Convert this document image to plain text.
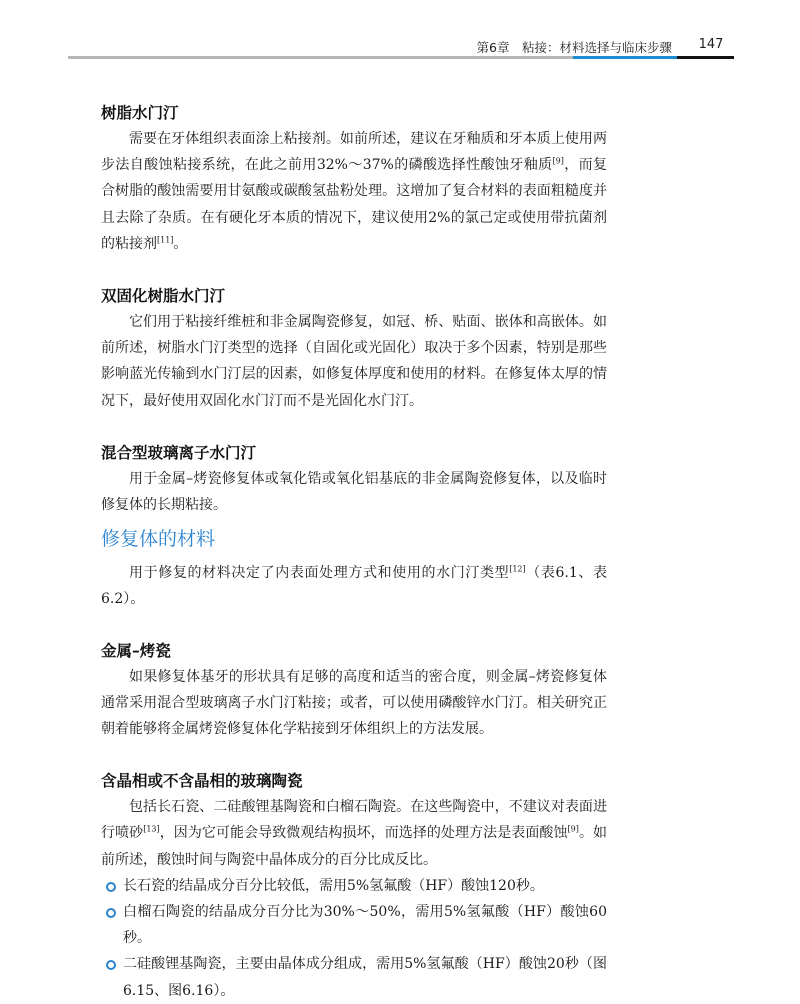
第6章　粘接：材料选择与临床步骤	147
树脂水门汀

需要在牙体组织表面涂上粘接剂。如前所述，建议在牙釉质和牙本质上使用两步法自酸蚀粘接系统，在此之前用32%～37%的磷酸选择性酸蚀牙釉质[9]，而复合树脂的酸蚀需要用甘氨酸或碳酸氢盐粉处理。这增加了复合材料的表面粗糙度并且去除了杂质。在有硬化牙本质的情况下，建议使用2%的氯己定或使用带抗菌剂的粘接剂[11]。

双固化树脂水门汀

它们用于粘接纤维桩和非金属陶瓷修复，如冠、桥、贴面、嵌体和高嵌体。如前所述，树脂水门汀类型的选择（自固化或光固化）取决于多个因素，特别是那些影响蓝光传输到水门汀层的因素，如修复体厚度和使用的材料。在修复体太厚的情况下，最好使用双固化水门汀而不是光固化水门汀。

混合型玻璃离子水门汀

用于金属–烤瓷修复体或氧化锆或氧化铝基底的非金属陶瓷修复体，以及临时修复体的长期粘接。

修复体的材料

用于修复的材料决定了内表面处理方式和使用的水门汀类型[12]（表6.1、表6.2）。

金属–烤瓷

如果修复体基牙的形状具有足够的高度和适当的密合度，则金属–烤瓷修复体通常采用混合型玻璃离子水门汀粘接；或者，可以使用磷酸锌水门汀。相关研究正朝着能够将金属烤瓷修复体化学粘接到牙体组织上的方法发展。

含晶相或不含晶相的玻璃陶瓷

包括长石瓷、二硅酸锂基陶瓷和白榴石陶瓷。在这些陶瓷中，不建议对表面进行喷砂[13]，因为它可能会导致微观结构损坏，而选择的处理方法是表面酸蚀[9]。如前所述，酸蚀时间与陶瓷中晶体成分的百分比成反比。

长石瓷的结晶成分百分比较低，需用5%氢氟酸（HF）酸蚀120秒。
白榴石陶瓷的结晶成分百分比为30%～50%，需用5%氢氟酸（HF）酸蚀60秒。
二硅酸锂基陶瓷，主要由晶体成分组成，需用5%氢氟酸（HF）酸蚀20秒（图6.15、图6.16）。
